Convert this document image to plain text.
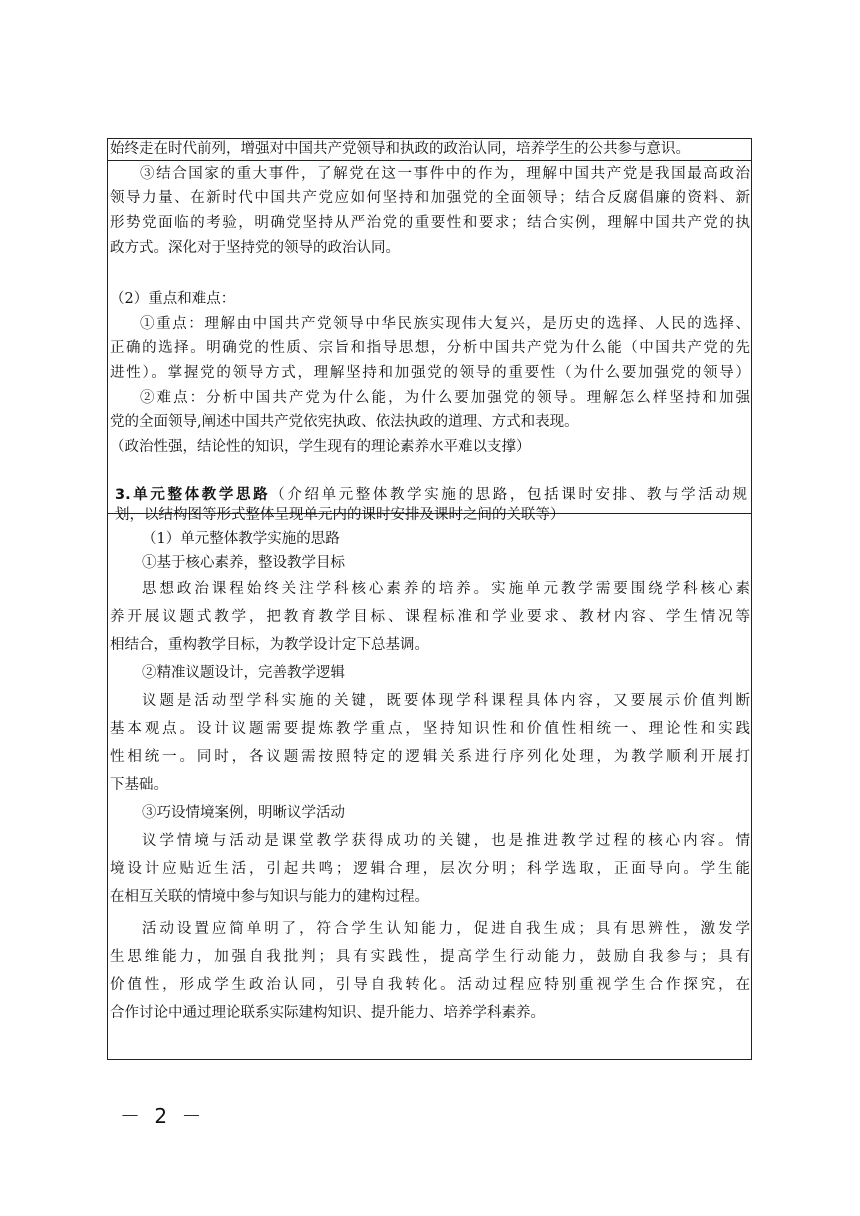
始终走在时代前列，增强对中国共产党领导和执政的政治认同，培养学生的公共参与意识。
③结合国家的重大事件，了解党在这一事件中的作为，理解中国共产党是我国最高政治
领导力量、在新时代中国共产党应如何坚持和加强党的全面领导；结合反腐倡廉的资料、新
形势党面临的考验，明确党坚持从严治党的重要性和要求；结合实例，理解中国共产党的执
政方式。深化对于坚持党的领导的政治认同。
（2）重点和难点：
①重点：理解由中国共产党领导中华民族实现伟大复兴，是历史的选择、人民的选择、
正确的选择。明确党的性质、宗旨和指导思想，分析中国共产党为什么能（中国共产党的先
进性）。掌握党的领导方式，理解坚持和加强党的领导的重要性（为什么要加强党的领导）
②难点：分析中国共产党为什么能，为什么要加强党的领导。理解怎么样坚持和加强
党的全面领导,阐述中国共产党依宪执政、依法执政的道理、方式和表现。
（政治性强，结论性的知识，学生现有的理论素养水平难以支撑）
3.单元整体教学思路（介绍单元整体教学实施的思路，包括课时安排、教与学活动规
划，以结构图等形式整体呈现单元内的课时安排及课时之间的关联等）
（1）单元整体教学实施的思路
①基于核心素养，整设教学目标
思想政治课程始终关注学科核心素养的培养。实施单元教学需要围绕学科核心素
养开展议题式教学，把教育教学目标、课程标准和学业要求、教材内容、学生情况等
相结合，重构教学目标，为教学设计定下总基调。
②精准议题设计，完善教学逻辑
议题是活动型学科实施的关键，既要体现学科课程具体内容，又要展示价值判断
基本观点。设计议题需要提炼教学重点，坚持知识性和价值性相统一、理论性和实践
性相统一。同时，各议题需按照特定的逻辑关系进行序列化处理，为教学顺利开展打
下基础。
③巧设情境案例，明晰议学活动
议学情境与活动是课堂教学获得成功的关键，也是推进教学过程的核心内容。情
境设计应贴近生活，引起共鸣；逻辑合理，层次分明；科学选取，正面导向。学生能
在相互关联的情境中参与知识与能力的建构过程。
活动设置应简单明了，符合学生认知能力，促进自我生成；具有思辨性，激发学
生思维能力，加强自我批判；具有实践性，提高学生行动能力，鼓励自我参与；具有
价值性，形成学生政治认同，引导自我转化。活动过程应特别重视学生合作探究，在
合作讨论中通过理论联系实际建构知识、提升能力、培养学科素养。
－ 2 －
